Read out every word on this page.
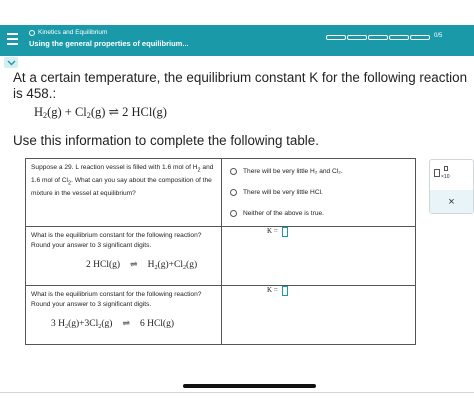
Kinetics and Equilibrium
Using the general properties of equilibrium...
0/5
At a certain temperature, the equilibrium constant K for the following reaction
is 458.:
$H_2(g) + Cl_2(g)$ ⇌ 2 HCl(g)
Use this information to complete the following table.
Suppose a 29. L reaction vessel is filled with 1.6 mol of $H_2$ and
1.6 mol of $Cl_2$. What can you say about the composition of the
mixture in the vessel at equilibrium?	There will be very little H₂ and Cl₂.
There will be very little HCl.
Neither of the above is true.

What is the equilibrium constant for the following reaction?
Round your answer to 3 significant digits.
2 HCl(g) ⇌ $H_2(g)+Cl_2(g)$	K =

What is the equilibrium constant for the following reaction?
Round your answer to 3 significant digits.
3 $H_2(g)+3Cl_2(g)$ ⇌ 6 HCl(g)	K =
×10
×
